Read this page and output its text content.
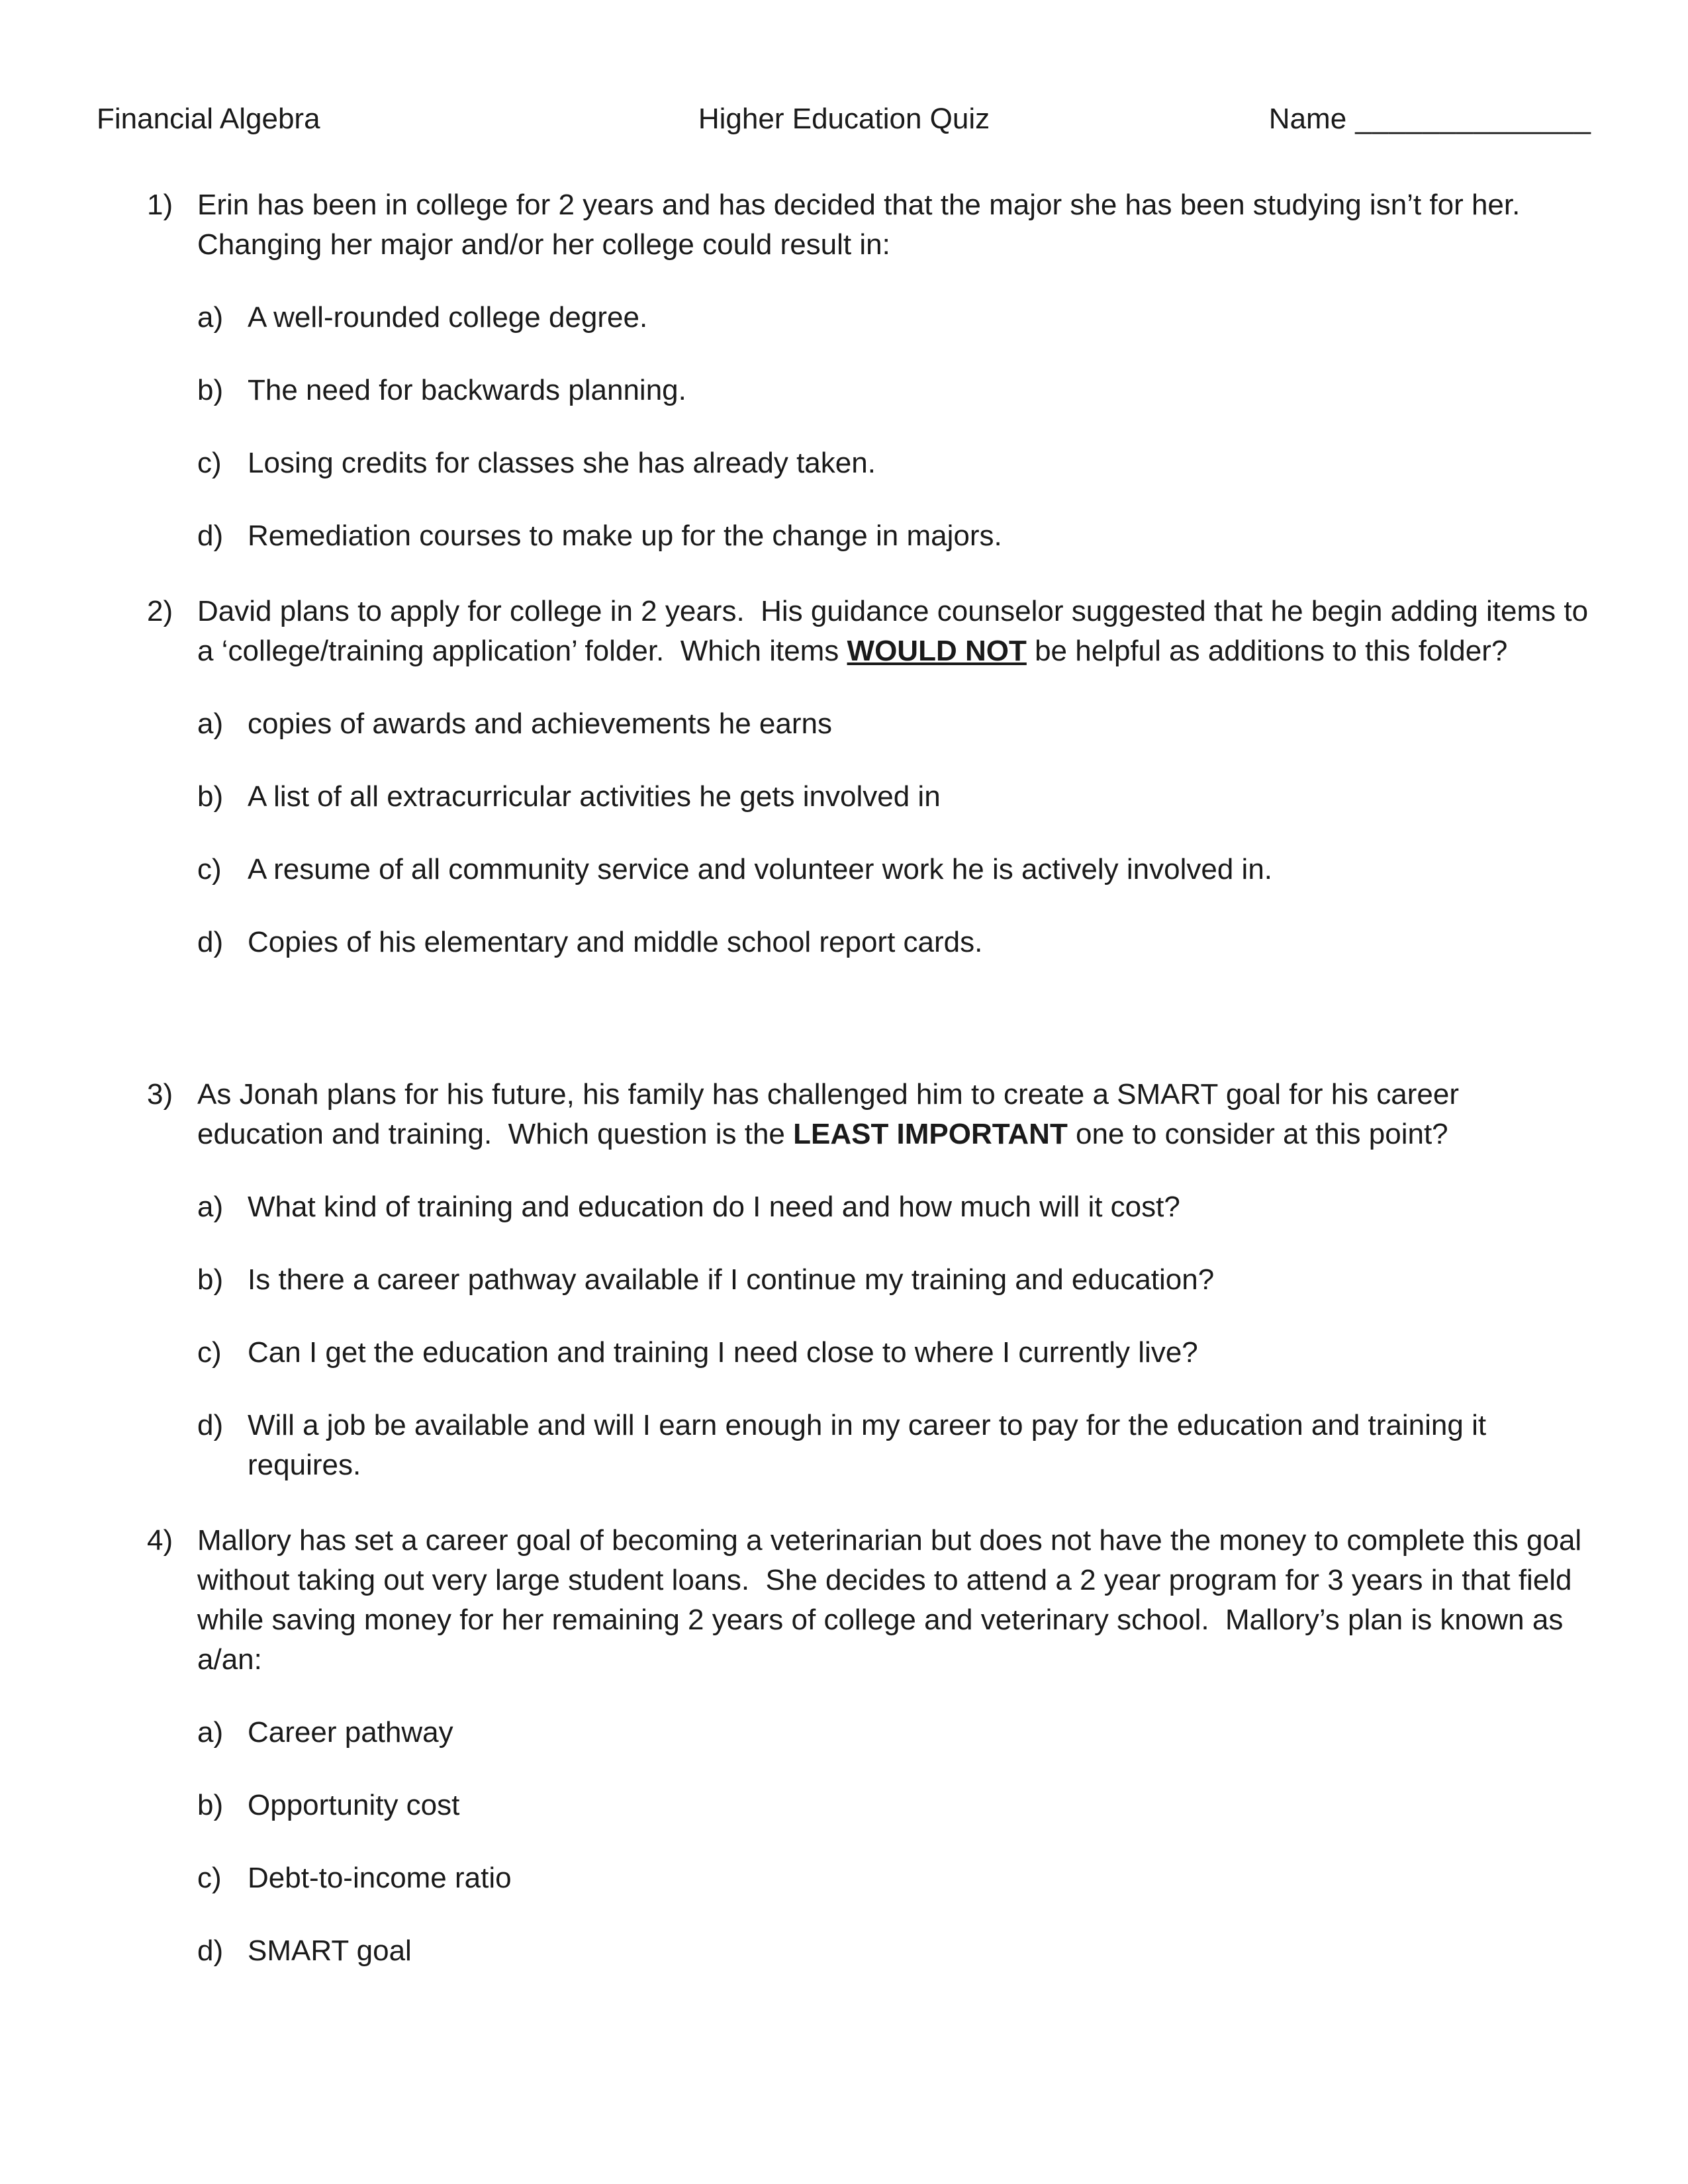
Financial Algebra	Higher Education Quiz	Name ______________
1) Erin has been in college for 2 years and has decided that the major she has been studying isn’t for her.  Changing her major and/or her college could result in:
a) A well-rounded college degree.
b) The need for backwards planning.
c) Losing credits for classes she has already taken.
d) Remediation courses to make up for the change in majors.
2) David plans to apply for college in 2 years.  His guidance counselor suggested that he begin adding items to a ‘college/training application’ folder.  Which items WOULD NOT be helpful as additions to this folder?
a) copies of awards and achievements he earns
b) A list of all extracurricular activities he gets involved in
c) A resume of all community service and volunteer work he is actively involved in.
d) Copies of his elementary and middle school report cards.
3) As Jonah plans for his future, his family has challenged him to create a SMART goal for his career education and training.  Which question is the LEAST IMPORTANT one to consider at this point?
a) What kind of training and education do I need and how much will it cost?
b) Is there a career pathway available if I continue my training and education?
c) Can I get the education and training I need close to where I currently live?
d) Will a job be available and will I earn enough in my career to pay for the education and training it requires.
4) Mallory has set a career goal of becoming a veterinarian but does not have the money to complete this goal without taking out very large student loans.  She decides to attend a 2 year program for 3 years in that field while saving money for her remaining 2 years of college and veterinary school.  Mallory’s plan is known as a/an:
a) Career pathway
b) Opportunity cost
c) Debt-to-income ratio
d) SMART goal
